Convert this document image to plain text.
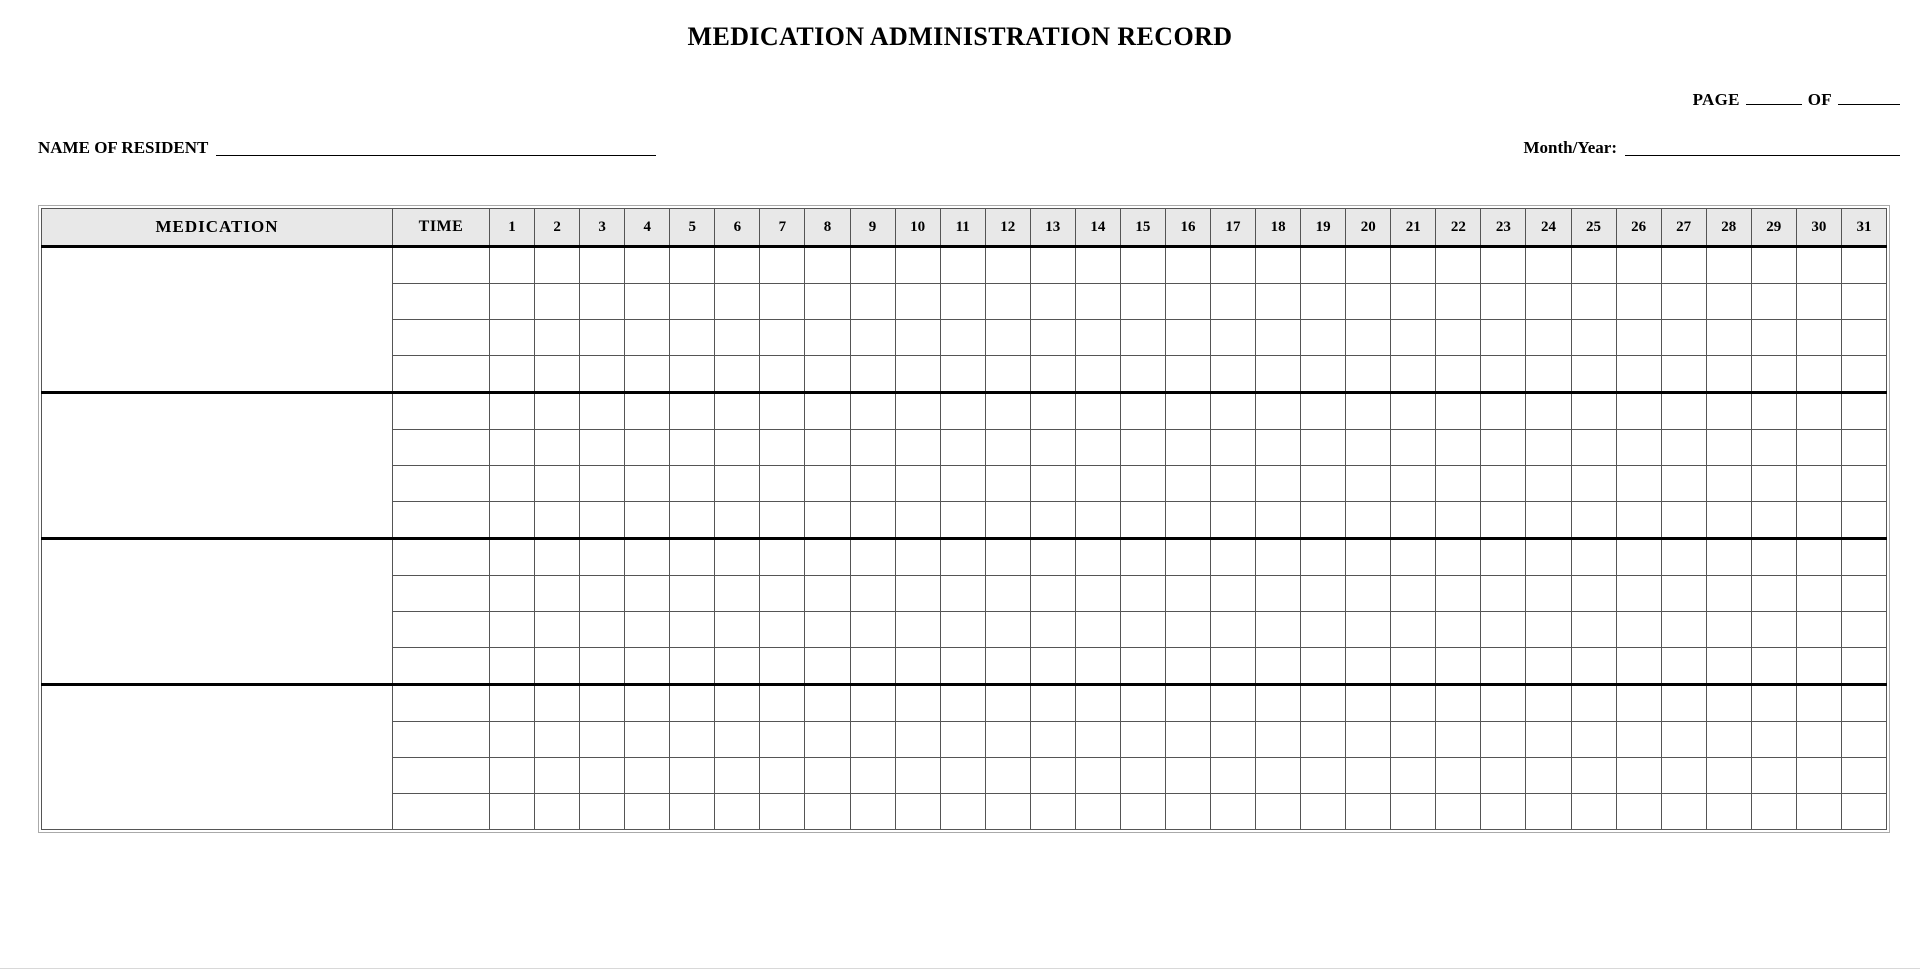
MEDICATION ADMINISTRATION RECORD
PAGE	OF
NAME OF RESIDENT	Month/Year:
MEDICATION	TIME	1	2	3	4	5	6	7	8	9	10	11	12	13	14	15	16	17	18	19	20	21	22	23	24	25	26	27	28	29	30	31
